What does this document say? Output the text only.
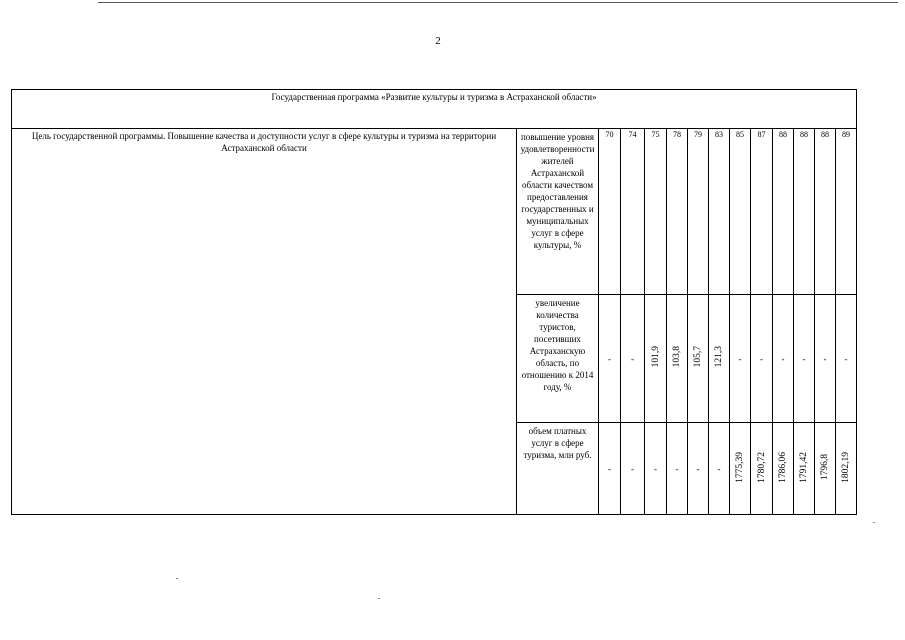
2
Государственная программа «Развитие культуры и туризма в Астраханской области»													
Цель государственной программы. Повышение качества и доступности услуг в сфере культуры и туризма на территории Астраханской области	повышение уровня удовлетворенности жителей Астраханской области качеством предоставления государственных и муниципальных услуг в сфере культуры, %	70	74	75	78	79	83	85	87	88	88	88	89
	увеличение количества туристов, посетивших Астраханскую область, по отношению к 2014 году, %	-	-	101,9	103,8	105,7	121,3	-	-	-	-	-	-
	объем платных услуг в сфере туризма, млн руб.	-	-	-	-	-	-	1775,39	1780,72	1786,06	1791,42	1796,8	1802,19
